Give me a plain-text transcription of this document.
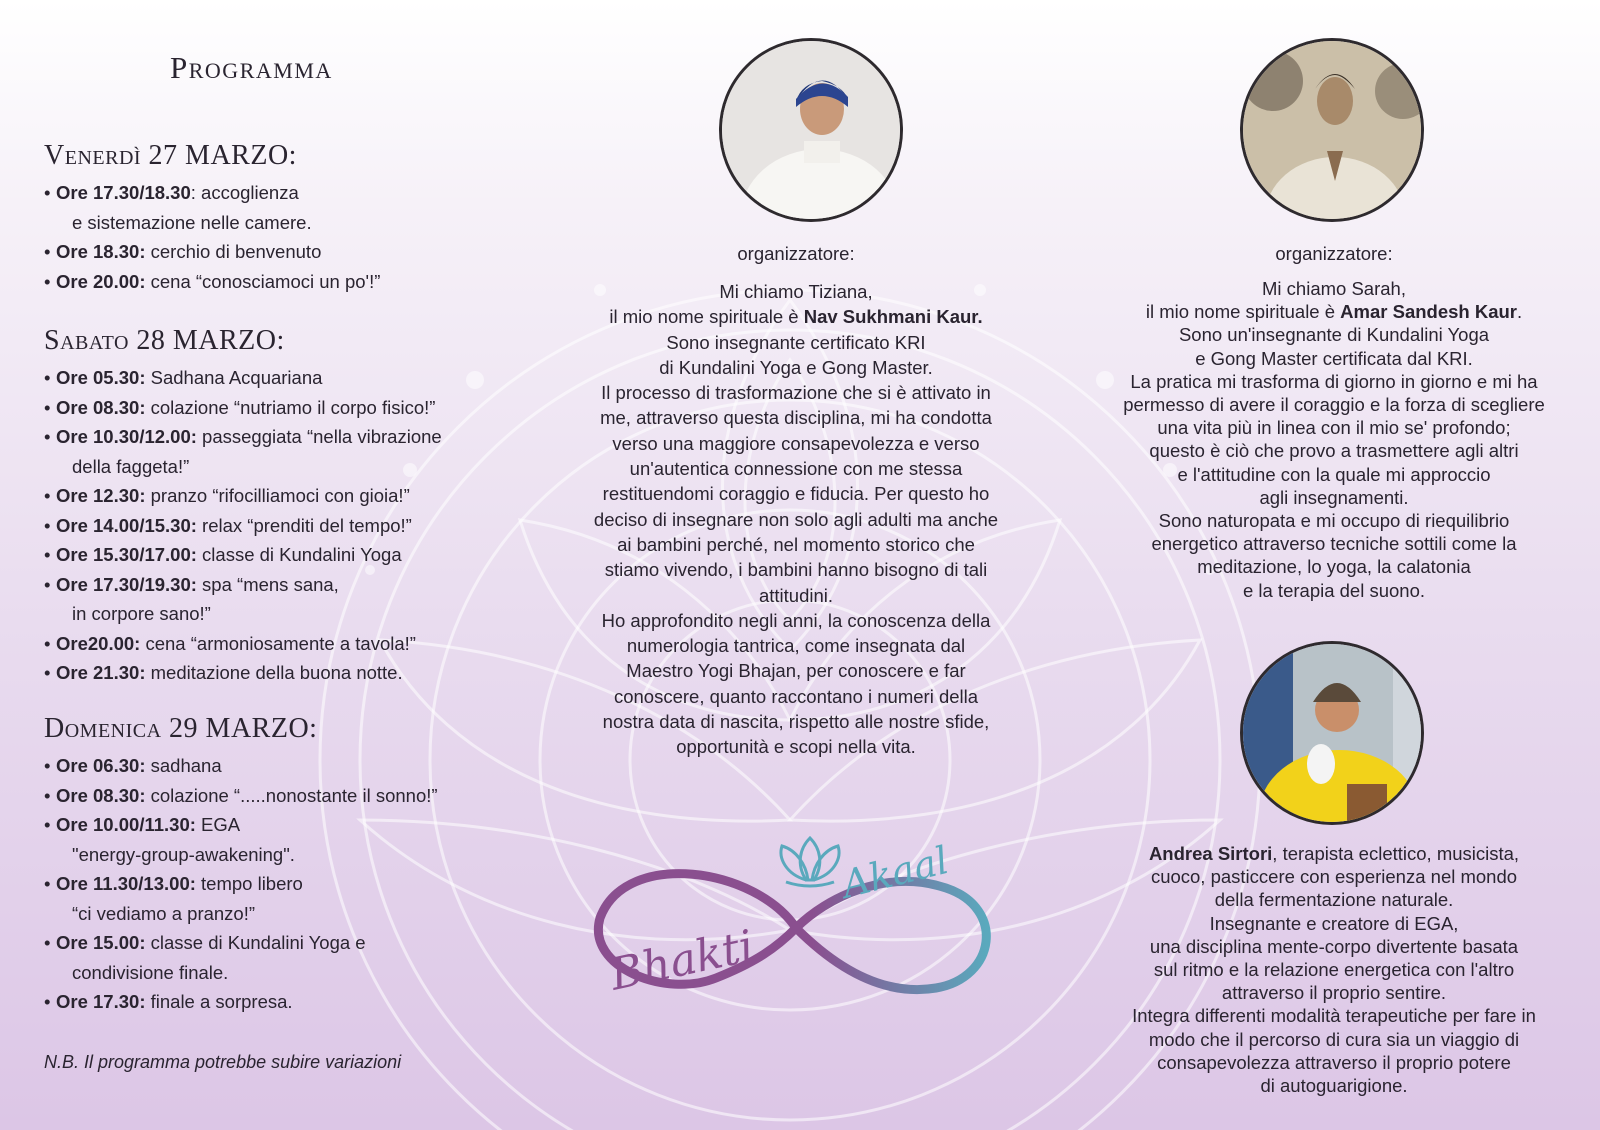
Programma
Venerdì 27 MARZO:
• Ore 17.30/18.30: accoglienza
e sistemazione nelle camere.
• Ore 18.30: cerchio di benvenuto
• Ore 20.00: cena “conosciamoci un po'!”
Sabato 28 MARZO:
• Ore 05.30: Sadhana Acquariana
• Ore 08.30: colazione “nutriamo il corpo fisico!”
• Ore 10.30/12.00: passeggiata “nella vibrazione
della faggeta!”
• Ore 12.30: pranzo “rifocilliamoci con gioia!”
• Ore 14.00/15.30: relax “prenditi del tempo!”
• Ore 15.30/17.00: classe di Kundalini Yoga
• Ore 17.30/19.30: spa “mens sana,
in corpore sano!”
• Ore20.00: cena “armoniosamente a tavola!”
• Ore 21.30: meditazione della buona notte.
Domenica 29 MARZO:
• Ore 06.30: sadhana
• Ore 08.30: colazione “.....nonostante il sonno!”
• Ore 10.00/11.30: EGA
"energy-group-awakening".
• Ore 11.30/13.00: tempo libero
“ci vediamo a pranzo!”
• Ore 15.00: classe di Kundalini Yoga e
condivisione finale.
• Ore 17.30: finale a sorpresa.
N.B. Il programma potrebbe subire variazioni
organizzatore:
Mi chiamo Tiziana,
il mio nome spirituale è Nav Sukhmani Kaur.
Sono insegnante certificato KRI
di Kundalini Yoga e Gong Master.
Il processo di trasformazione che si è attivato in
me, attraverso questa disciplina, mi ha condotta
verso una maggiore consapevolezza e verso
un'autentica connessione con me stessa
restituendomi coraggio e fiducia. Per questo ho
deciso di insegnare non solo agli adulti ma anche
ai bambini perché, nel momento storico che
stiamo vivendo, i bambini hanno bisogno di tali
attitudini.
Ho approfondito negli anni, la conoscenza della
numerologia tantrica, come insegnata dal
Maestro Yogi Bhajan, per conoscere e far
conoscere, quanto raccontano i numeri della
nostra data di nascita, rispetto alle nostre sfide,
opportunità e scopi nella vita.
organizzatore:
Mi chiamo Sarah,
il mio nome spirituale è Amar Sandesh Kaur.
Sono un'insegnante di Kundalini Yoga
e Gong Master certificata dal KRI.
La pratica mi trasforma di giorno in giorno e mi ha
permesso di avere il coraggio e la forza di scegliere
una vita più in linea con il mio se' profondo;
questo è ciò che provo a trasmettere agli altri
e l'attitudine con la quale mi approccio
agli insegnamenti.
Sono naturopata e mi occupo di riequilibrio
energetico attraverso tecniche sottili come la
meditazione, lo yoga, la calatonia
e la terapia del suono.
Andrea Sirtori, terapista eclettico, musicista,
cuoco, pasticcere con esperienza nel mondo
della fermentazione naturale.
Insegnante e creatore di EGA,
una disciplina mente-corpo divertente basata
sul ritmo e la relazione energetica con l'altro
attraverso il proprio sentire.
Integra differenti modalità terapeutiche per fare in
modo che il percorso di cura sia un viaggio di
consapevolezza attraverso il proprio potere
di autoguarigione.
Bhakti
Akaal
